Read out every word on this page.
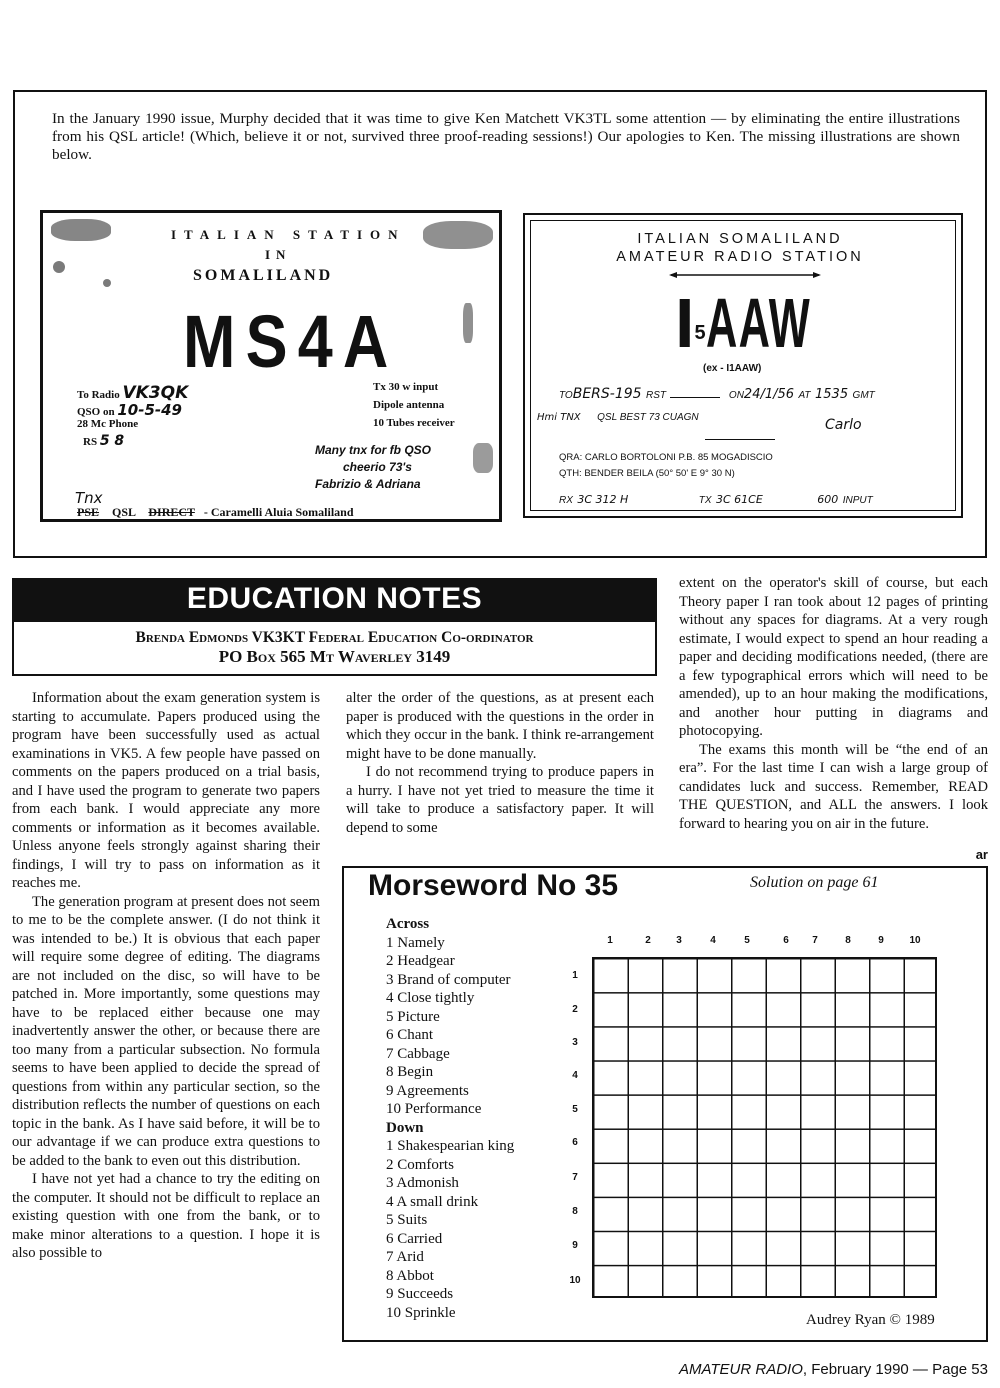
In the January 1990 issue, Murphy decided that it was time to give Ken Matchett VK3TL some attention — by eliminating the entire illustrations from his QSL article! (Which, believe it or not, survived three proof-reading sessions!) Our apologies to Ken. The missing illustrations are shown below.
ITALIAN STATION
IN
SOMALILAND
MS4A
To Radio VK3QK
QSO on 10-5-49
28 Mc Phone
RS 5 8
Tx 30 w input
Dipole antenna
10 Tubes receiver
Many tnx for fb QSO
cheerio 73's
Fabrizio & Adriana
Tnx
PSE QSL DIRECT - Caramelli Aluia Somaliland
ITALIAN SOMALILAND
AMATEUR RADIO STATION
I5AAW
(ex - I1AAW)
TOBERS-195 RST	ON24/1/56 AT 1535 GMT
Hmi TNX QSL BEST 73 CUAGN	Carlo
QRA: CARLO BORTOLONI P.B. 85 MOGADISCIO
QTH: BENDER BEILA (50° 50' E 9° 30 N)
RX 3C 312 H	TX 3C 61CE	600 INPUT
EDUCATION NOTES
Brenda Edmonds VK3KT Federal Education Co-ordinator
PO Box 565 Mt Waverley 3149

Information about the exam generation system is starting to accumulate. Papers produced using the program have been successfully used as actual examinations in VK5. A few people have passed on comments on the papers produced on a trial basis, and I have used the program to generate two papers from each bank. I would appreciate any more comments or information as it becomes available. Unless anyone feels strongly against sharing their findings, I will try to pass on information as it reaches me.

The generation program at present does not seem to me to be the complete answer. (I do not think it was intended to be.) It is obvious that each paper will require some degree of editing. The diagrams are not included on the disc, so will have to be patched in. More importantly, some questions may have to be replaced either because one may inadvertently answer the other, or because there are too many from a particular subsection. No formula seems to have been applied to decide the spread of questions from within any particular section, so the distribution reflects the number of questions on each topic in the bank. As I have said before, it will be to our advantage if we can produce extra questions to be added to the bank to even out this distribution.

I have not yet had a chance to try the editing on the computer. It should not be difficult to replace an existing question with one from the bank, or to make minor alterations to a question. I hope it is also possible to

alter the order of the questions, as at present each paper is produced with the questions in the order in which they occur in the bank. I think re-arrangement might have to be done manually.

I do not recommend trying to produce papers in a hurry. I have not yet tried to measure the time it will take to produce a satisfactory paper. It will depend to some

extent on the operator's skill of course, but each Theory paper I ran took about 12 pages of printing without any spaces for diagrams. At a very rough estimate, I would expect to spend an hour reading a paper and deciding modifications needed, (there are a few typographical errors which will need to be amended), up to an hour making the modifications, and another hour putting in diagrams and photocopying.

The exams this month will be “the end of an era”. For the last time I can wish a large group of candidates luck and success. Remember, READ THE QUESTION, and ALL the answers. I look forward to hearing you on air in the future.

ar
Morseword No 35	Solution on page 61
Across
1 Namely
2 Headgear
3 Brand of computer
4 Close tightly
5 Picture
6 Chant
7 Cabbage
8 Begin
9 Agreements
10 Performance
Down
1 Shakespearian king
2 Comforts
3 Admonish
4 A small drink
5 Suits
6 Carried
7 Arid
8 Abbot
9 Succeeds
10 Sprinkle
1	2	3	4	5	6	7	8	9	10
1
2
3
4
5
6
7
8
9
10
Audrey Ryan © 1989
AMATEUR RADIO, February 1990 — Page 53
